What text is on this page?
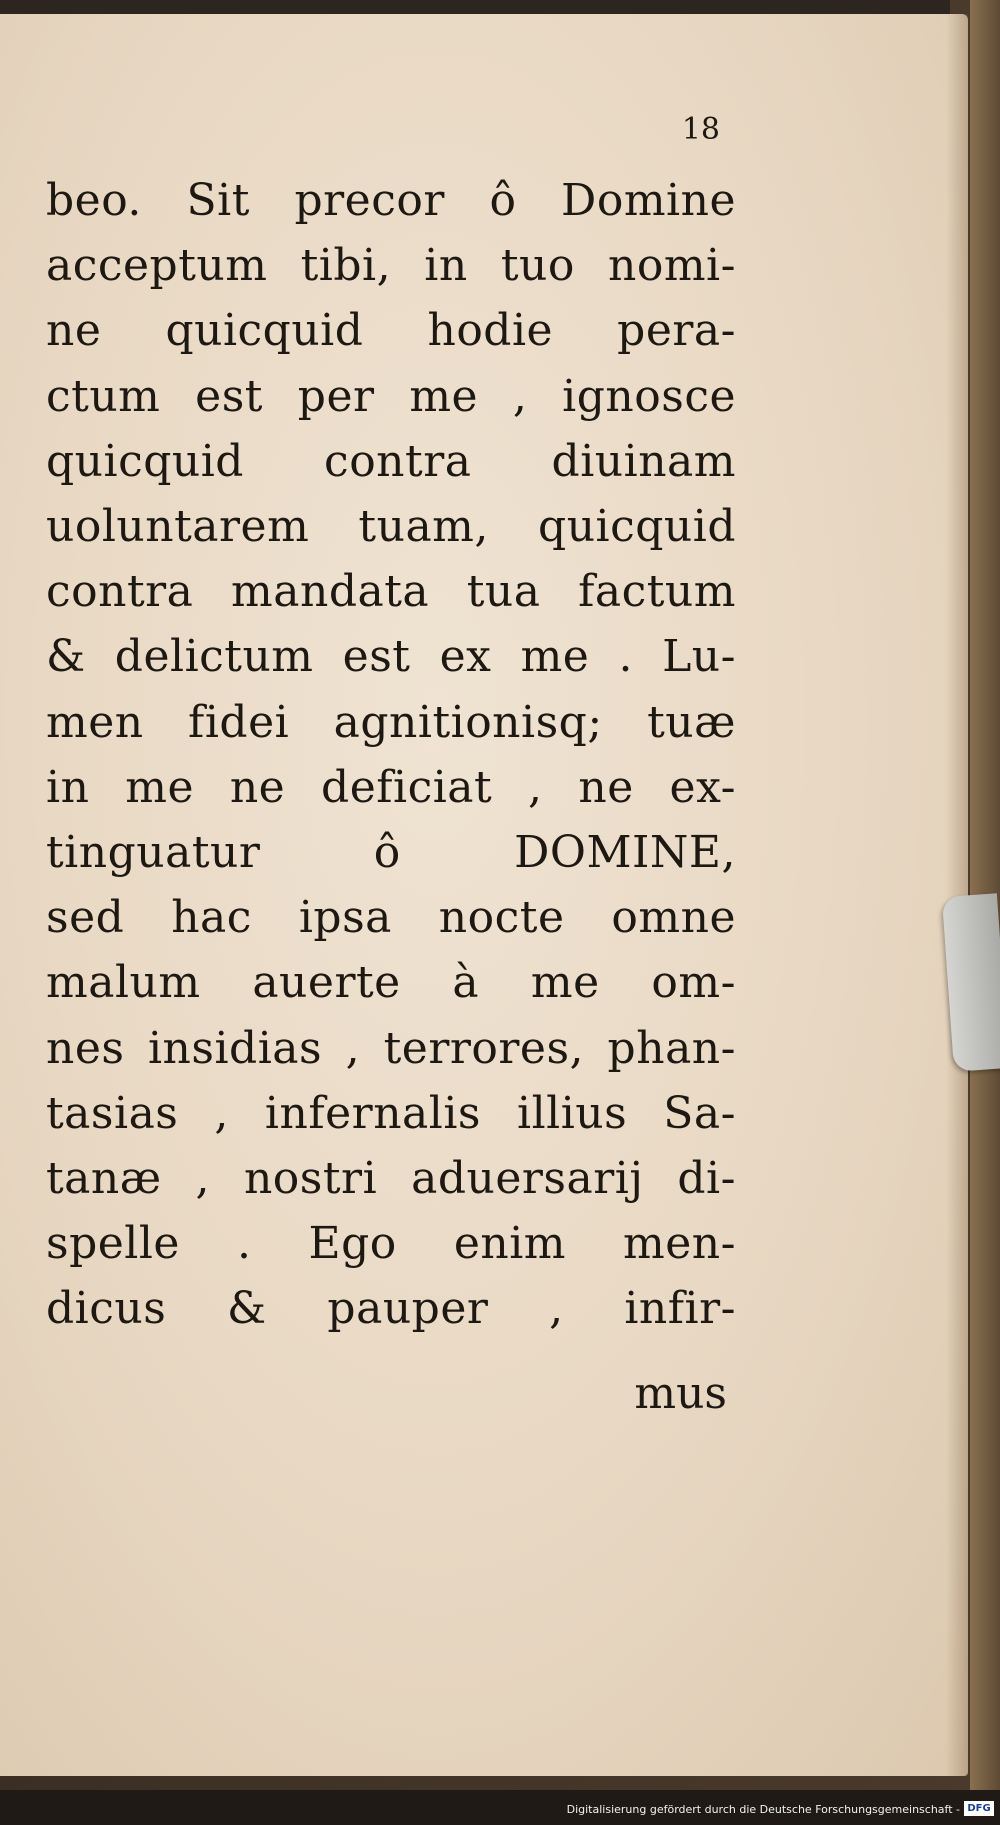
18
beo. Sit precor ô Domine
acceptum tibi, in tuo nomi-
ne quicquid hodie pera-
ctum est per me , ignosce
quicquid contra diuinam
uoluntarem tuam, quicquid
contra mandata tua factum
& delictum est ex me . Lu-
men fidei agnitionisq; tuæ
in me ne deficiat , ne ex-
tinguatur ô DOMINE,
sed hac ipsa nocte omne
malum auerte à me om-
nes insidias , terrores, phan-
tasias , infernalis illius Sa-
tanæ , nostri aduersarij di-
spelle . Ego enim men-
dicus & pauper , infir-
mus
Digitalisierung gefördert durch die Deutsche Forschungsgemeinschaft - DFG
